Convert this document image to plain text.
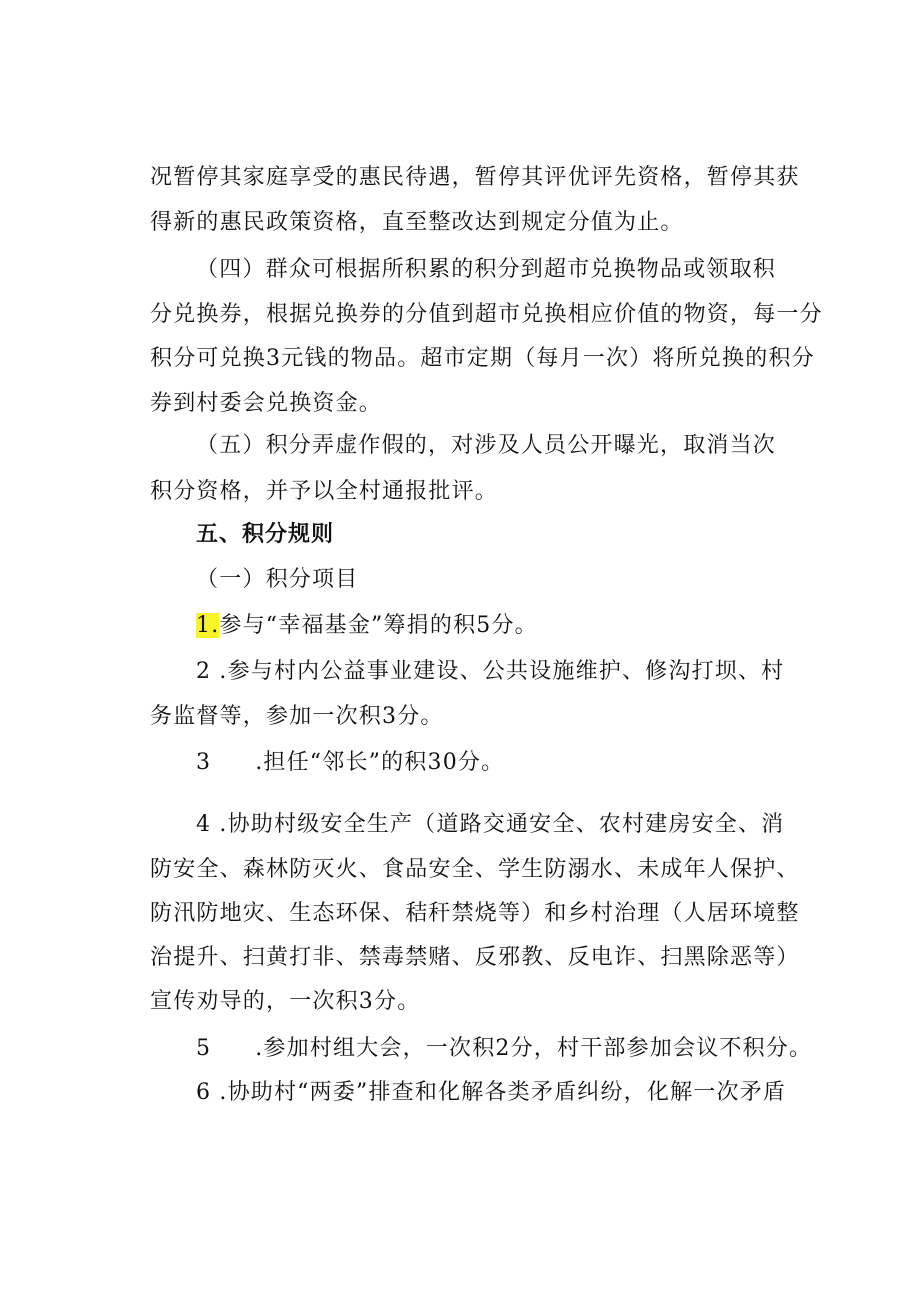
况暂停其家庭享受的惠民待遇，暂停其评优评先资格，暂停其获
得新的惠民政策资格，直至整改达到规定分值为止。
（四）群众可根据所积累的积分到超市兑换物品或领取积
分兑换券，根据兑换券的分值到超市兑换相应价值的物资，每一分
积分可兑换3元钱的物品。超市定期（每月一次）将所兑换的积分
券到村委会兑换资金。
（五）积分弄虚作假的，对涉及人员公开曝光，取消当次
积分资格，并予以全村通报批评。
五、积分规则
（一）积分项目
1.参与“幸福基金”筹捐的积5分。
2 .参与村内公益事业建设、公共设施维护、修沟打坝、村
务监督等，参加一次积3分。
3 .担任“邻长”的积30分。
4 .协助村级安全生产（道路交通安全、农村建房安全、消
防安全、森林防灭火、食品安全、学生防溺水、未成年人保护、
防汛防地灾、生态环保、秸秆禁烧等）和乡村治理（人居环境整
治提升、扫黄打非、禁毒禁赌、反邪教、反电诈、扫黑除恶等）
宣传劝导的，一次积3分。
5 .参加村组大会，一次积2分，村干部参加会议不积分。
6 .协助村“两委”排查和化解各类矛盾纠纷，化解一次矛盾
